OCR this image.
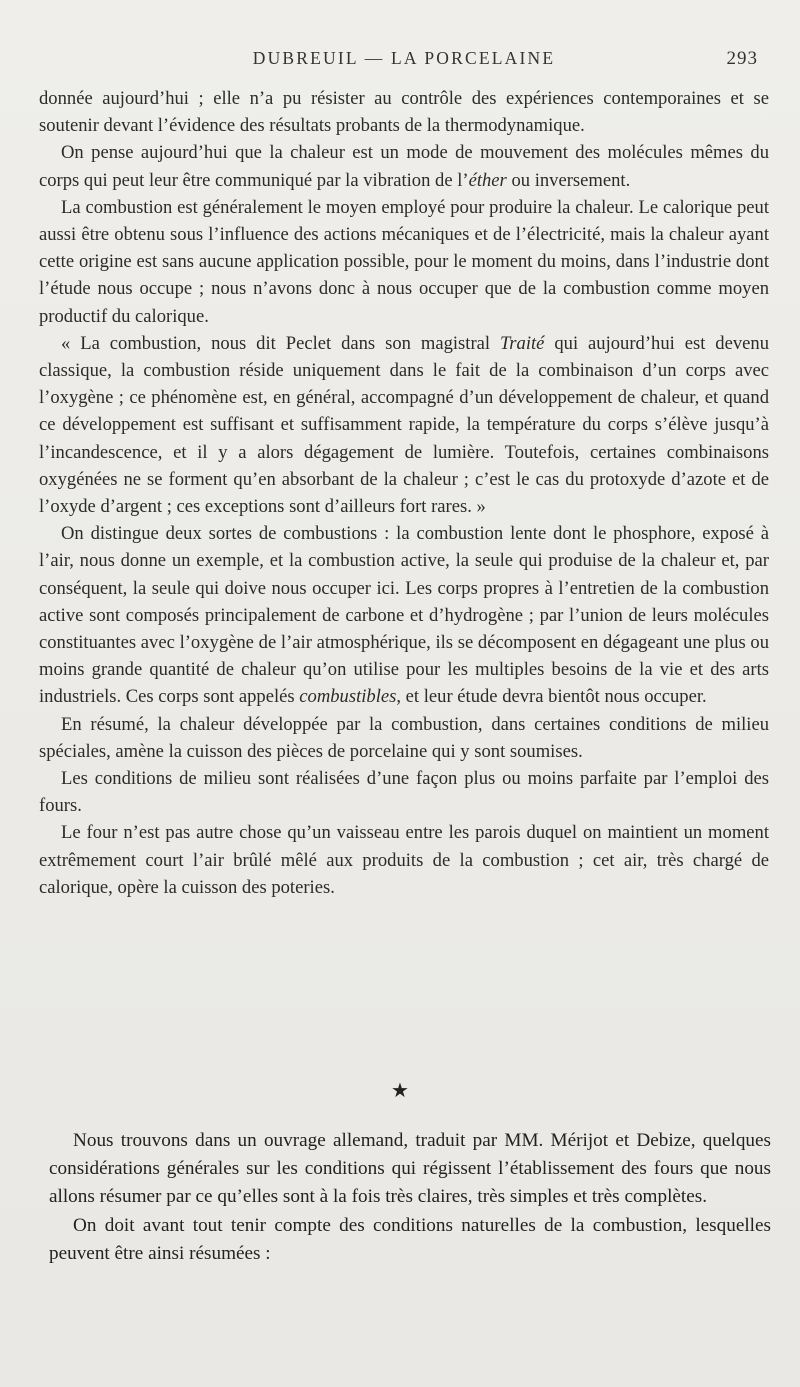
DUBREUIL — LA PORCELAINE	293

donnée aujourd’hui ; elle n’a pu résister au contrôle des expériences contemporaines et se soutenir devant l’évidence des résultats probants de la thermodynamique.

On pense aujourd’hui que la chaleur est un mode de mouvement des molécules mêmes du corps qui peut leur être communiqué par la vibration de l’éther ou inversement.

La combustion est généralement le moyen employé pour produire la chaleur. Le calorique peut aussi être obtenu sous l’influence des actions mécaniques et de l’électricité, mais la chaleur ayant cette origine est sans aucune application possible, pour le moment du moins, dans l’industrie dont l’étude nous occupe ; nous n’avons donc à nous occuper que de la combustion comme moyen productif du calorique.

« La combustion, nous dit Peclet dans son magistral Traité qui aujourd’hui est devenu classique, la combustion réside uniquement dans le fait de la combinaison d’un corps avec l’oxygène ; ce phénomène est, en général, accompagné d’un développement de chaleur, et quand ce développement est suffisant et suffisamment rapide, la température du corps s’élève jusqu’à l’incandescence, et il y a alors dégagement de lumière. Toutefois, certaines combinaisons oxygénées ne se forment qu’en absorbant de la chaleur ; c’est le cas du protoxyde d’azote et de l’oxyde d’argent ; ces exceptions sont d’ailleurs fort rares. »

On distingue deux sortes de combustions : la combustion lente dont le phosphore, exposé à l’air, nous donne un exemple, et la combustion active, la seule qui produise de la chaleur et, par conséquent, la seule qui doive nous occuper ici. Les corps propres à l’entretien de la combustion active sont composés principalement de carbone et d’hydrogène ; par l’union de leurs molécules constituantes avec l’oxygène de l’air atmosphérique, ils se décomposent en dégageant une plus ou moins grande quantité de chaleur qu’on utilise pour les multiples besoins de la vie et des arts industriels. Ces corps sont appelés combustibles, et leur étude devra bientôt nous occuper.

En résumé, la chaleur développée par la combustion, dans certaines conditions de milieu spéciales, amène la cuisson des pièces de porcelaine qui y sont soumises.

Les conditions de milieu sont réalisées d’une façon plus ou moins parfaite par l’emploi des fours.

Le four n’est pas autre chose qu’un vaisseau entre les parois duquel on maintient un moment extrêmement court l’air brûlé mêlé aux produits de la combustion ; cet air, très chargé de calorique, opère la cuisson des poteries.

★

Nous trouvons dans un ouvrage allemand, traduit par MM. Mérijot et Debize, quelques considérations générales sur les conditions qui régissent l’établissement des fours que nous allons résumer par ce qu’elles sont à la fois très claires, très simples et très complètes.

On doit avant tout tenir compte des conditions naturelles de la combustion, lesquelles peuvent être ainsi résumées :
